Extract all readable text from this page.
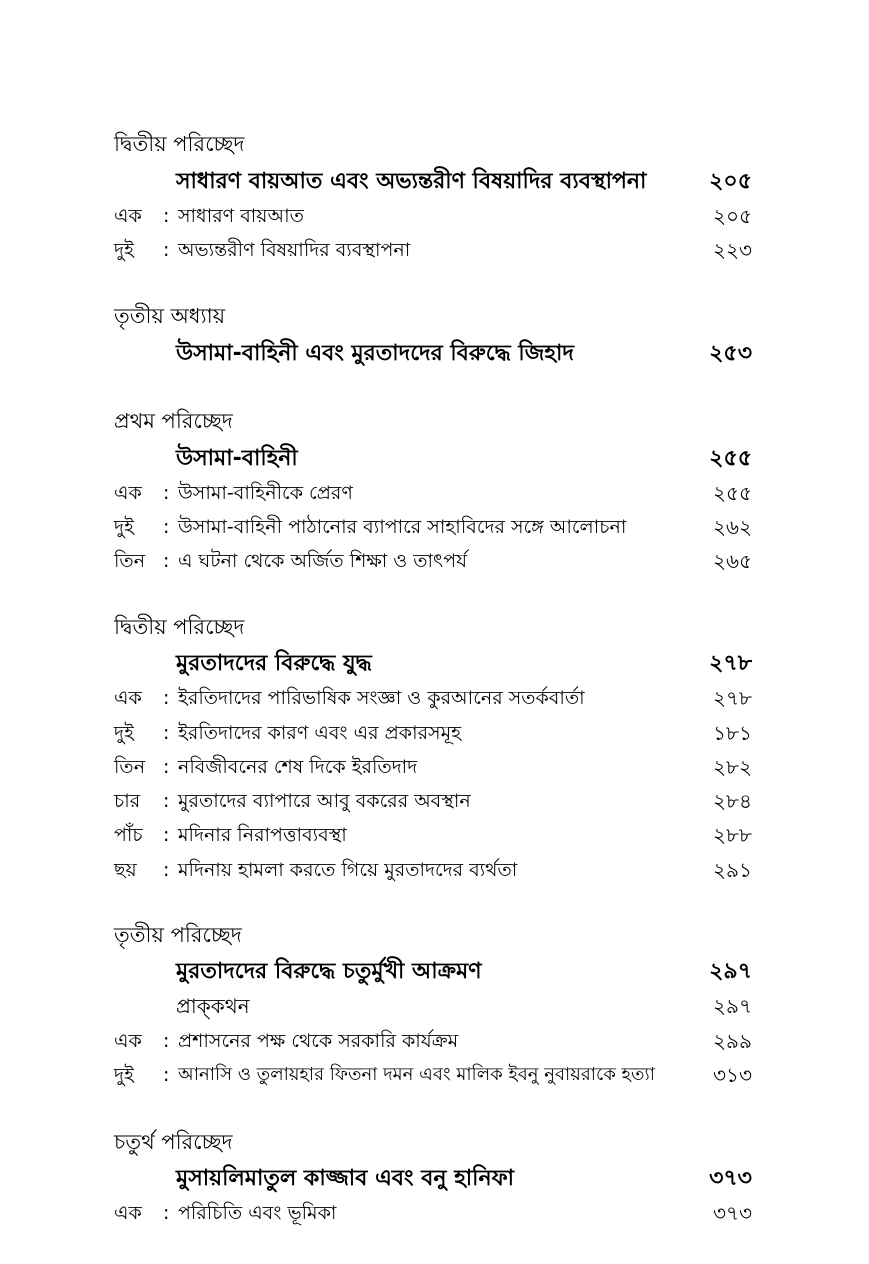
দ্বিতীয় পরিচ্ছেদ
সাধারণ বায়আত এবং অভ্যন্তরীণ বিষয়াদির ব্যবস্থাপনা	২০৫
এক : সাধারণ বায়আত	২০৫
দুই : অভ্যন্তরীণ বিষয়াদির ব্যবস্থাপনা	২২৩
তৃতীয় অধ্যায়
উসামা-বাহিনী এবং মুরতাদদের বিরুদ্ধে জিহাদ	২৫৩
প্রথম পরিচ্ছেদ
উসামা-বাহিনী	২৫৫
এক : উসামা-বাহিনীকে প্রেরণ	২৫৫
দুই : উসামা-বাহিনী পাঠানোর ব্যাপারে সাহাবিদের সঙ্গে আলোচনা	২৬২
তিন : এ ঘটনা থেকে অর্জিত শিক্ষা ও তাৎপর্য	২৬৫
দ্বিতীয় পরিচ্ছেদ
মুরতাদদের বিরুদ্ধে যুদ্ধ	২৭৮
এক : ইরতিদাদের পারিভাষিক সংজ্ঞা ও কুরআনের সতর্কবার্তা	২৭৮
দুই : ইরতিদাদের কারণ এবং এর প্রকারসমূহ	১৮১
তিন : নবিজীবনের শেষ দিকে ইরতিদাদ	২৮২
চার : মুরতাদের ব্যাপারে আবু বকরের অবস্থান	২৮৪
পাঁচ : মদিনার নিরাপত্তাব্যবস্থা	২৮৮
ছয় : মদিনায় হামলা করতে গিয়ে মুরতাদদের ব্যর্থতা	২৯১
তৃতীয় পরিচ্ছেদ
মুরতাদদের বিরুদ্ধে চতুর্মুখী আক্রমণ	২৯৭
প্রাক্‌কথন	২৯৭
এক : প্রশাসনের পক্ষ থেকে সরকারি কার্যক্রম	২৯৯
দুই : আনাসি ও তুলায়হার ফিতনা দমন এবং মালিক ইবনু নুবায়রাকে হত্যা	৩১৩
চতুর্থ পরিচ্ছেদ
মুসায়লিমাতুল কাজ্জাব এবং বনু হানিফা	৩৭৩
এক : পরিচিতি এবং ভূমিকা	৩৭৩
